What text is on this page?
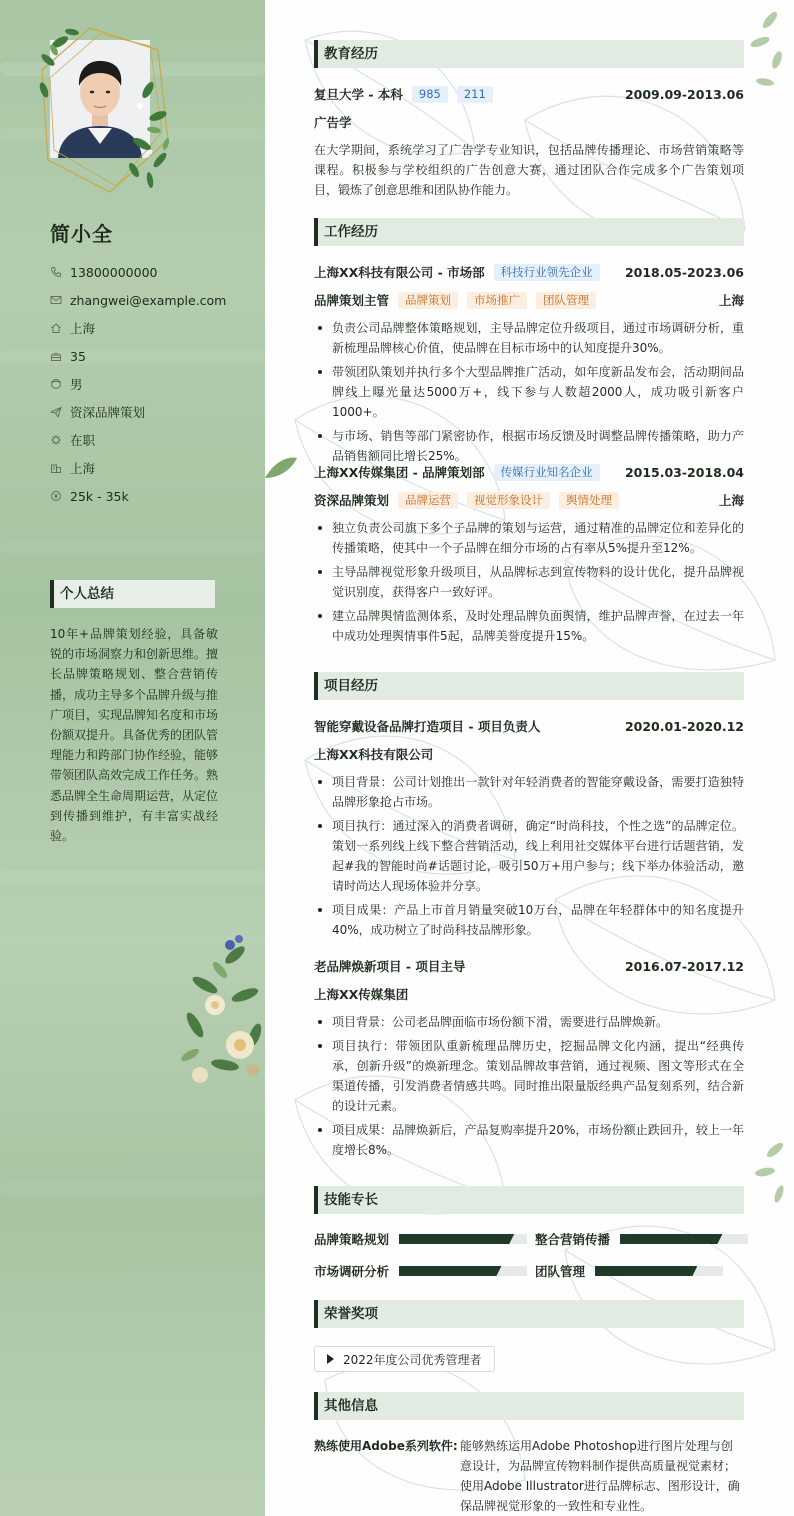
简小全
13800000000
zhangwei@example.com
上海
35
男
资深品牌策划
在职
上海
25k - 35k
个人总结
10年+品牌策划经验，具备敏锐的市场洞察力和创新思维。擅长品牌策略规划、整合营销传播，成功主导多个品牌升级与推广项目，实现品牌知名度和市场份额双提升。具备优秀的团队管理能力和跨部门协作经验，能够带领团队高效完成工作任务。熟悉品牌全生命周期运营，从定位到传播到维护，有丰富实战经验。
教育经历
复旦大学 - 本科	985	211	2009.09-2013.06
广告学
在大学期间，系统学习了广告学专业知识，包括品牌传播理论、市场营销策略等课程。积极参与学校组织的广告创意大赛，通过团队合作完成多个广告策划项目，锻炼了创意思维和团队协作能力。
工作经历
上海XX科技有限公司 - 市场部	科技行业领先企业	2018.05-2023.06
品牌策划主管	品牌策划	市场推广	团队管理	上海
负责公司品牌整体策略规划，主导品牌定位升级项目，通过市场调研分析，重新梳理品牌核心价值，使品牌在目标市场中的认知度提升30%。
带领团队策划并执行多个大型品牌推广活动，如年度新品发布会，活动期间品牌线上曝光量达5000万+，线下参与人数超2000人，成功吸引新客户1000+。
与市场、销售等部门紧密协作，根据市场反馈及时调整品牌传播策略，助力产品销售额同比增长25%。
上海XX传媒集团 - 品牌策划部	传媒行业知名企业	2015.03-2018.04
资深品牌策划	品牌运营	视觉形象设计	舆情处理	上海
独立负责公司旗下多个子品牌的策划与运营，通过精准的品牌定位和差异化的传播策略，使其中一个子品牌在细分市场的占有率从5%提升至12%。
主导品牌视觉形象升级项目，从品牌标志到宣传物料的设计优化，提升品牌视觉识别度，获得客户一致好评。
建立品牌舆情监测体系，及时处理品牌负面舆情，维护品牌声誉，在过去一年中成功处理舆情事件5起，品牌美誉度提升15%。
项目经历
智能穿戴设备品牌打造项目 - 项目负责人	2020.01-2020.12
上海XX科技有限公司
项目背景：公司计划推出一款针对年轻消费者的智能穿戴设备，需要打造独特品牌形象抢占市场。
项目执行：通过深入的消费者调研，确定“时尚科技，个性之选”的品牌定位。策划一系列线上线下整合营销活动，线上利用社交媒体平台进行话题营销，发起#我的智能时尚#话题讨论，吸引50万+用户参与；线下举办体验活动，邀请时尚达人现场体验并分享。
项目成果：产品上市首月销量突破10万台，品牌在年轻群体中的知名度提升40%，成功树立了时尚科技品牌形象。
老品牌焕新项目 - 项目主导	2016.07-2017.12
上海XX传媒集团
项目背景：公司老品牌面临市场份额下滑，需要进行品牌焕新。
项目执行：带领团队重新梳理品牌历史，挖掘品牌文化内涵，提出“经典传承，创新升级”的焕新理念。策划品牌故事营销，通过视频、图文等形式在全渠道传播，引发消费者情感共鸣。同时推出限量版经典产品复刻系列，结合新的设计元素。
项目成果：品牌焕新后，产品复购率提升20%，市场份额止跌回升，较上一年度增长8%。
技能专长
品牌策略规划	整合营销传播
市场调研分析	团队管理
荣誉奖项
2022年度公司优秀管理者
其他信息
熟练使用Adobe系列软件: 能够熟练运用Adobe Photoshop进行图片处理与创意设计，为品牌宣传物料制作提供高质量视觉素材；使用Adobe Illustrator进行品牌标志、图形设计，确保品牌视觉形象的一致性和专业性。
